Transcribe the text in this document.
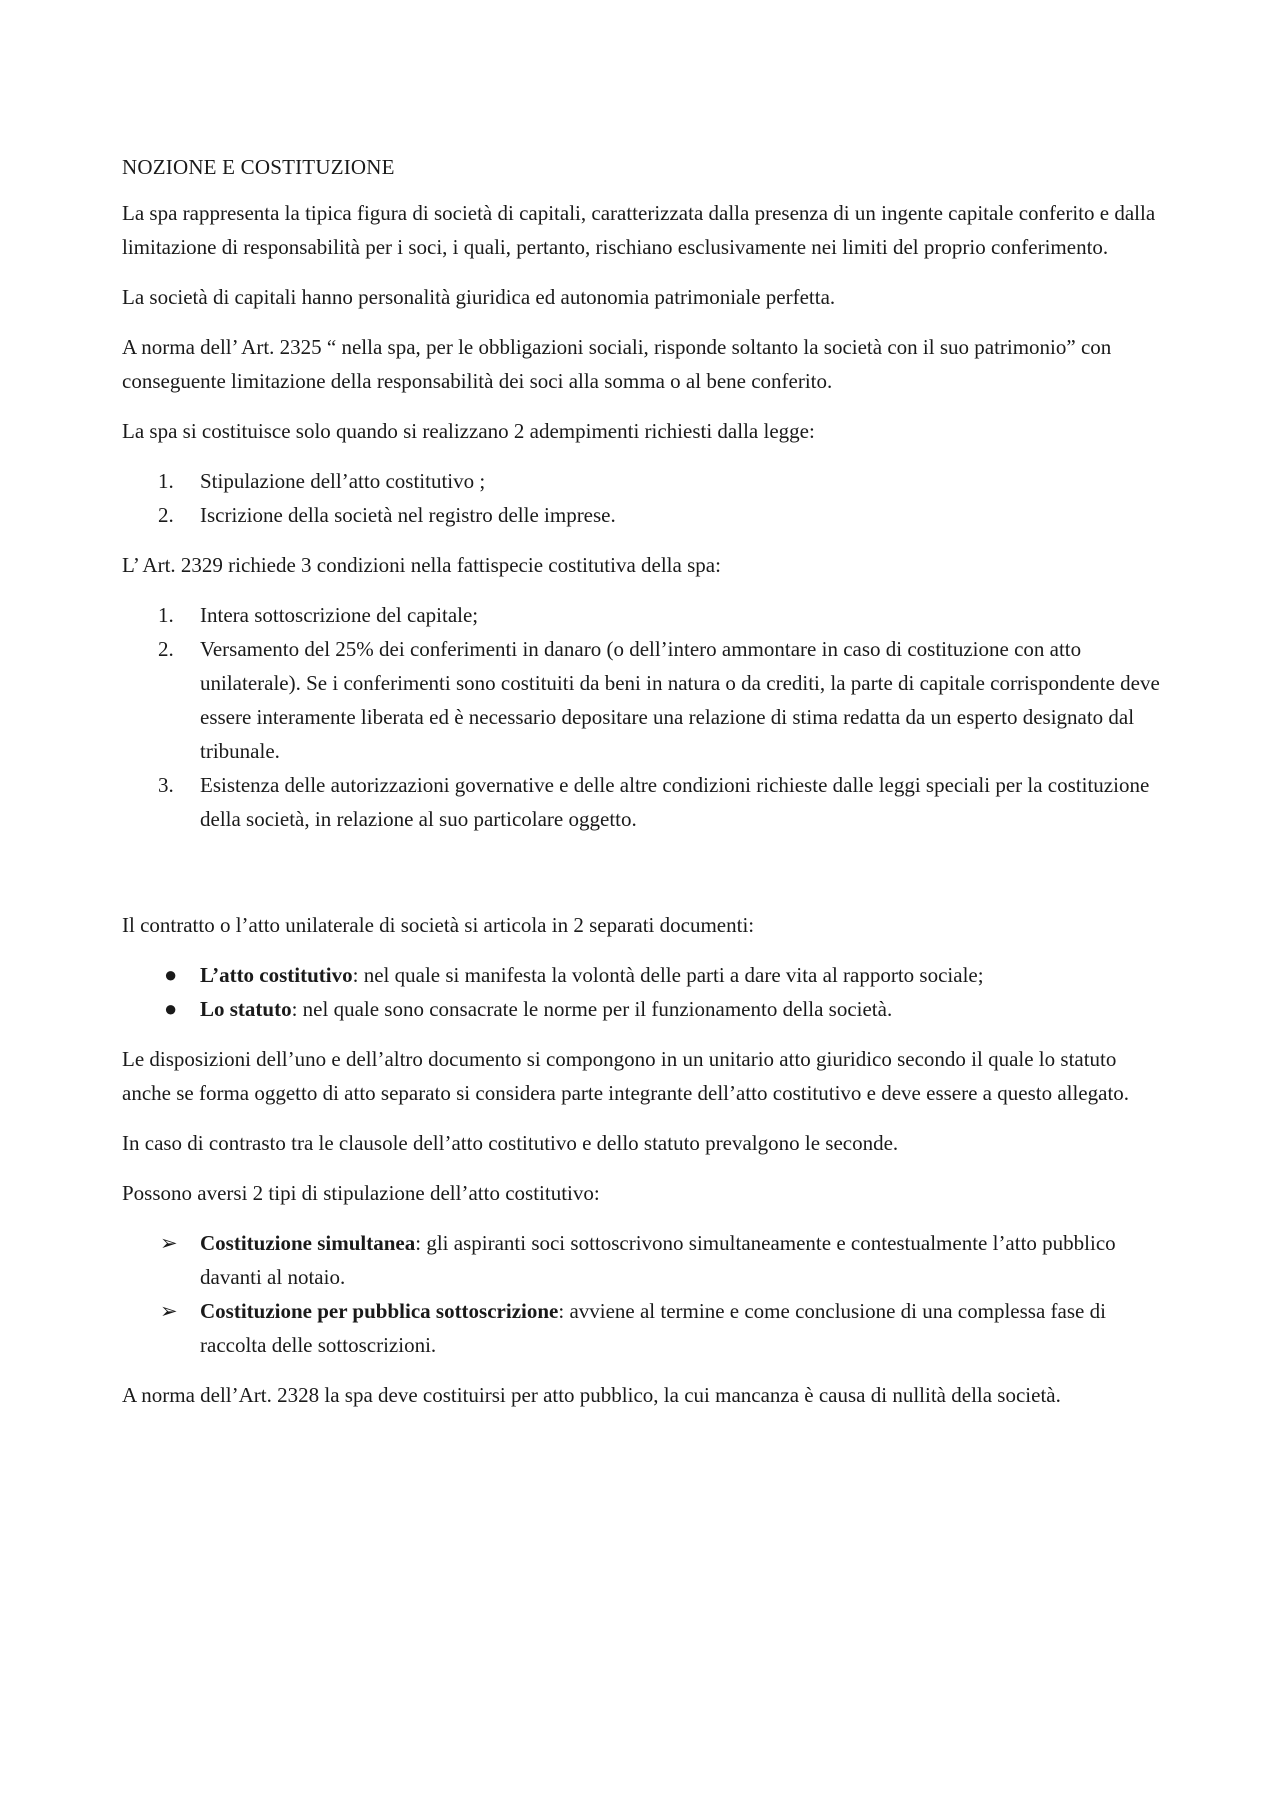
NOZIONE E COSTITUZIONE

La spa rappresenta la tipica figura di società di capitali, caratterizzata dalla presenza di un ingente capitale conferito e dalla limitazione di responsabilità per i soci, i quali, pertanto, rischiano esclusivamente nei limiti del proprio conferimento.

La società di capitali hanno personalità giuridica ed autonomia patrimoniale perfetta.

A norma dell’ Art. 2325 “ nella spa, per le obbligazioni sociali, risponde soltanto la società con il suo patrimonio” con conseguente limitazione della responsabilità dei soci alla somma o al bene conferito.

La spa si costituisce solo quando si realizzano 2 adempimenti richiesti dalla legge:

1. Stipulazione dell’atto costitutivo ;
2. Iscrizione della società nel registro delle imprese.

L’ Art. 2329 richiede 3 condizioni nella fattispecie costitutiva della spa:

1. Intera sottoscrizione del capitale;
2. Versamento del 25% dei conferimenti in danaro (o dell’intero ammontare in caso di costituzione con atto unilaterale). Se i conferimenti sono costituiti da beni in natura o da crediti, la parte di capitale corrispondente deve essere interamente liberata ed è necessario depositare una relazione di stima redatta da un esperto designato dal tribunale.
3. Esistenza delle autorizzazioni governative e delle altre condizioni richieste dalle leggi speciali per la costituzione della società, in relazione al suo particolare oggetto.

Il contratto o l’atto unilaterale di società si articola in 2 separati documenti:

● L’atto costitutivo: nel quale si manifesta la volontà delle parti a dare vita al rapporto sociale;
● Lo statuto: nel quale sono consacrate le norme per il funzionamento della società.

Le disposizioni dell’uno e dell’altro documento si compongono in un unitario atto giuridico secondo il quale lo statuto anche se forma oggetto di atto separato si considera parte integrante dell’atto costitutivo e deve essere a questo allegato.

In caso di contrasto tra le clausole dell’atto costitutivo e dello statuto prevalgono le seconde.

Possono aversi 2 tipi di stipulazione dell’atto costitutivo:

➢ Costituzione simultanea: gli aspiranti soci sottoscrivono simultaneamente e contestualmente l’atto pubblico davanti al notaio.
➢ Costituzione per pubblica sottoscrizione: avviene al termine e come conclusione di una complessa fase di raccolta delle sottoscrizioni.

A norma dell’Art. 2328 la spa deve costituirsi per atto pubblico, la cui mancanza è causa di nullità della società.
